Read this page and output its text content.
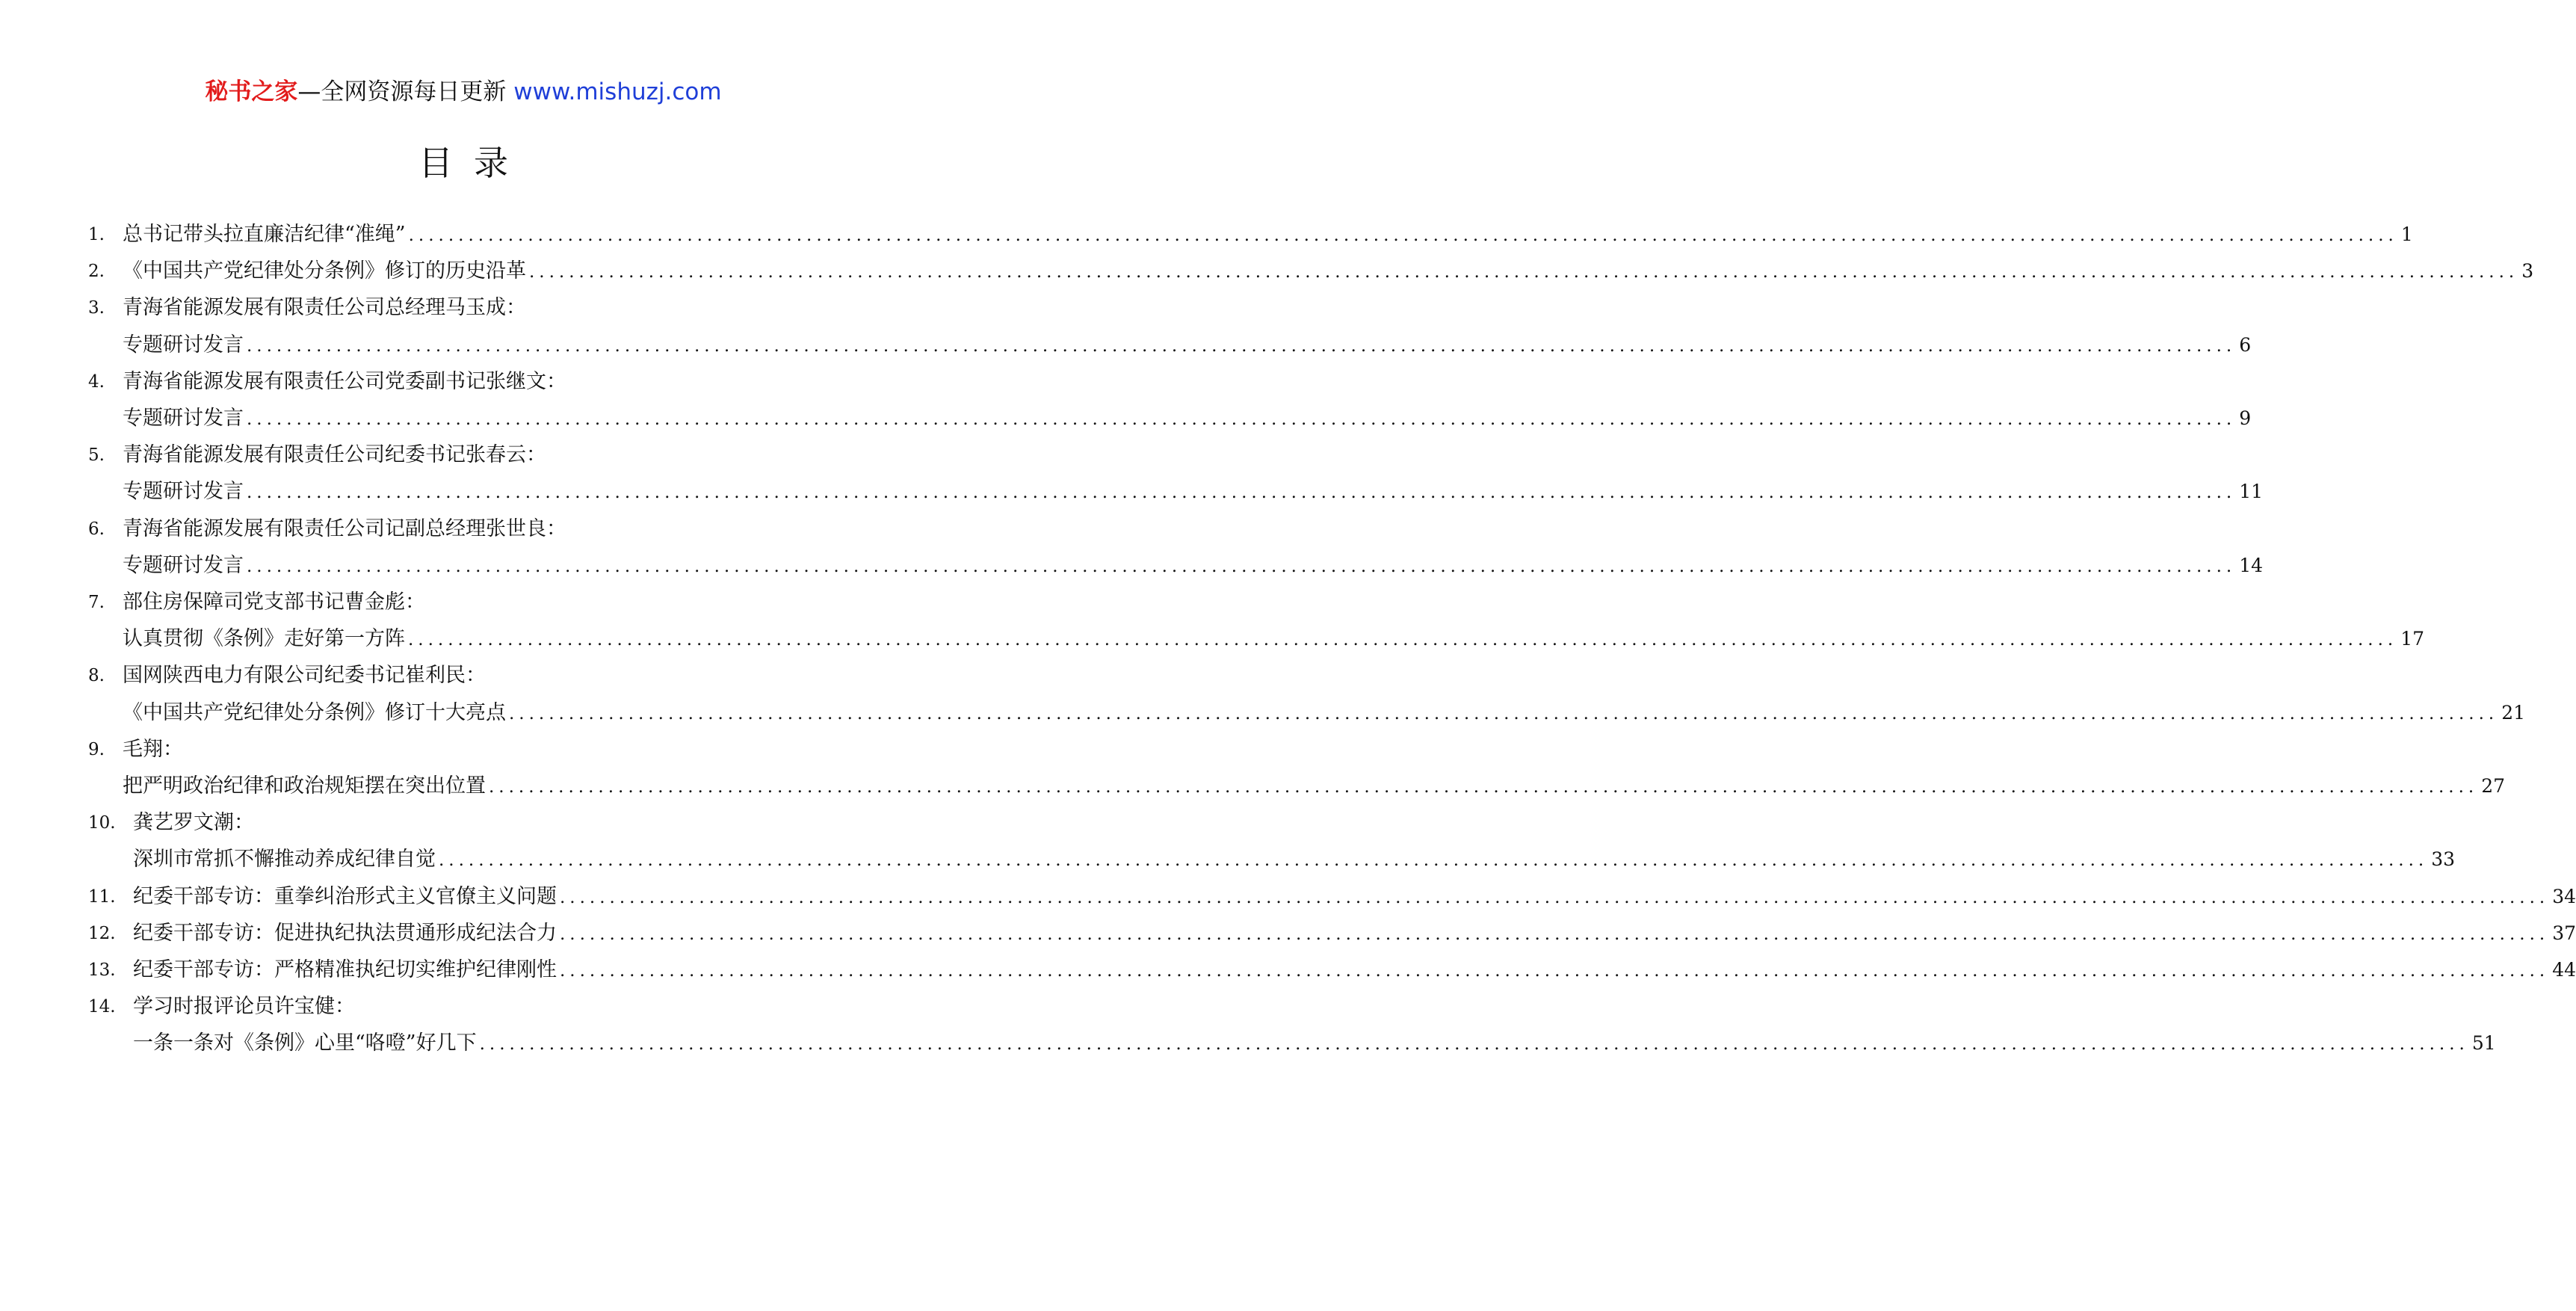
秘书之家—全网资源每日更新 www.mishuzj.com
目录
1. 总书记带头拉直廉洁纪律“准绳” ........................................................................................................................................................................................................ 1
2. 《中国共产党纪律处分条例》修订的历史沿革 ........................................................................................................................................................................................................ 3
3. 青海省能源发展有限责任公司总经理马玉成：
专题研讨发言 ........................................................................................................................................................................................................ 6
4. 青海省能源发展有限责任公司党委副书记张继文：
专题研讨发言 ........................................................................................................................................................................................................ 9
5. 青海省能源发展有限责任公司纪委书记张春云：
专题研讨发言 ........................................................................................................................................................................................................ 11
6. 青海省能源发展有限责任公司记副总经理张世良：
专题研讨发言 ........................................................................................................................................................................................................ 14
7. 部住房保障司党支部书记曹金彪：
认真贯彻《条例》走好第一方阵 ........................................................................................................................................................................................................ 17
8. 国网陕西电力有限公司纪委书记崔利民：
《中国共产党纪律处分条例》修订十大亮点 ........................................................................................................................................................................................................ 21
9. 毛翔：
把严明政治纪律和政治规矩摆在突出位置 ........................................................................................................................................................................................................ 27
10. 龚艺罗文潮：
深圳市常抓不懈推动养成纪律自觉 ........................................................................................................................................................................................................ 33
11. 纪委干部专访：重拳纠治形式主义官僚主义问题 ........................................................................................................................................................................................................ 34
12. 纪委干部专访：促进执纪执法贯通形成纪法合力 ........................................................................................................................................................................................................ 37
13. 纪委干部专访：严格精准执纪切实维护纪律刚性 ........................................................................................................................................................................................................ 44
14. 学习时报评论员许宝健：
一条一条对《条例》心里“咯噔”好几下 ........................................................................................................................................................................................................ 51
